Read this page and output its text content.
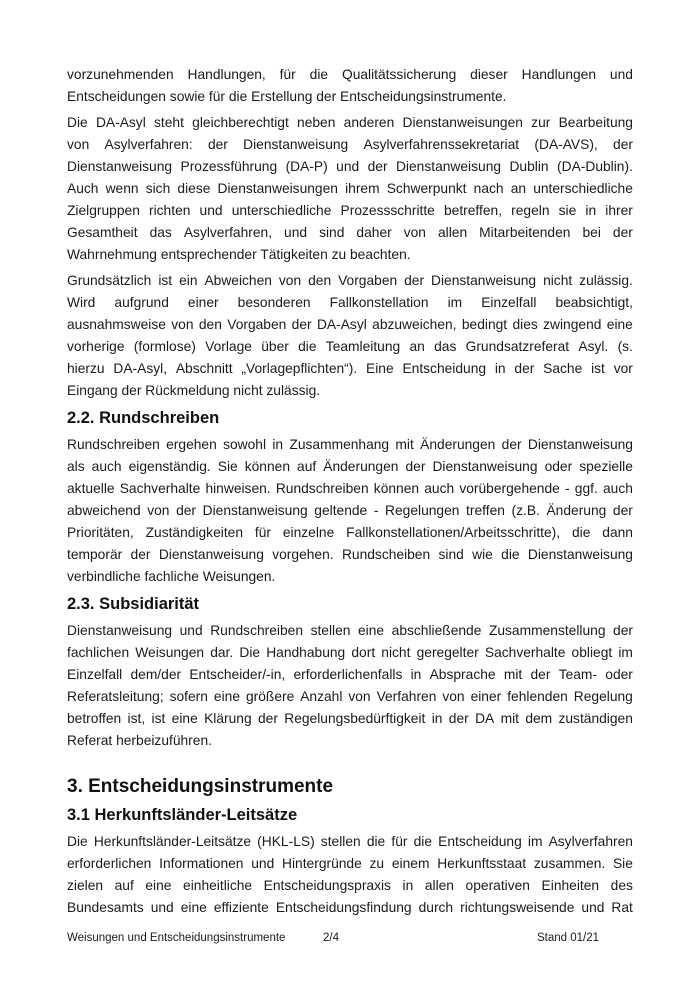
vorzunehmenden Handlungen, für die Qualitätssicherung dieser Handlungen und
Entscheidungen sowie für die Erstellung der Entscheidungsinstrumente.
Die DA-Asyl steht gleichberechtigt neben anderen Dienstanweisungen zur Bearbeitung
von Asylverfahren: der Dienstanweisung Asylverfahrenssekretariat (DA-AVS), der
Dienstanweisung Prozessführung (DA-P) und der Dienstanweisung Dublin (DA-Dublin).
Auch wenn sich diese Dienstanweisungen ihrem Schwerpunkt nach an unterschiedliche
Zielgruppen richten und unterschiedliche Prozessschritte betreffen, regeln sie in ihrer
Gesamtheit das Asylverfahren, und sind daher von allen Mitarbeitenden bei der
Wahrnehmung entsprechender Tätigkeiten zu beachten.
Grundsätzlich ist ein Abweichen von den Vorgaben der Dienstanweisung nicht zulässig.
Wird aufgrund einer besonderen Fallkonstellation im Einzelfall beabsichtigt,
ausnahmsweise von den Vorgaben der DA-Asyl abzuweichen, bedingt dies zwingend eine
vorherige (formlose) Vorlage über die Teamleitung an das Grundsatzreferat Asyl. (s.
hierzu DA-Asyl, Abschnitt „Vorlagepflichten“). Eine Entscheidung in der Sache ist vor
Eingang der Rückmeldung nicht zulässig.
2.2. Rundschreiben
Rundschreiben ergehen sowohl in Zusammenhang mit Änderungen der Dienstanweisung
als auch eigenständig. Sie können auf Änderungen der Dienstanweisung oder spezielle
aktuelle Sachverhalte hinweisen. Rundschreiben können auch vorübergehende - ggf. auch
abweichend von der Dienstanweisung geltende - Regelungen treffen (z.B. Änderung der
Prioritäten, Zuständigkeiten für einzelne Fallkonstellationen/Arbeitsschritte), die dann
temporär der Dienstanweisung vorgehen. Rundscheiben sind wie die Dienstanweisung
verbindliche fachliche Weisungen.
2.3. Subsidiarität
Dienstanweisung und Rundschreiben stellen eine abschließende Zusammenstellung der
fachlichen Weisungen dar. Die Handhabung dort nicht geregelter Sachverhalte obliegt im
Einzelfall dem/der Entscheider/-in, erforderlichenfalls in Absprache mit der Team- oder
Referatsleitung; sofern eine größere Anzahl von Verfahren von einer fehlenden Regelung
betroffen ist, ist eine Klärung der Regelungsbedürftigkeit in der DA mit dem zuständigen
Referat herbeizuführen.
3. Entscheidungsinstrumente
3.1 Herkunftsländer-Leitsätze
Die Herkunftsländer-Leitsätze (HKL-LS) stellen die für die Entscheidung im Asylverfahren
erforderlichen Informationen und Hintergründe zu einem Herkunftsstaat zusammen. Sie
zielen auf eine einheitliche Entscheidungspraxis in allen operativen Einheiten des
Bundesamts und eine effiziente Entscheidungsfindung durch richtungsweisende und Rat
Weisungen und Entscheidungsinstrumente	2/4	Stand 01/21
